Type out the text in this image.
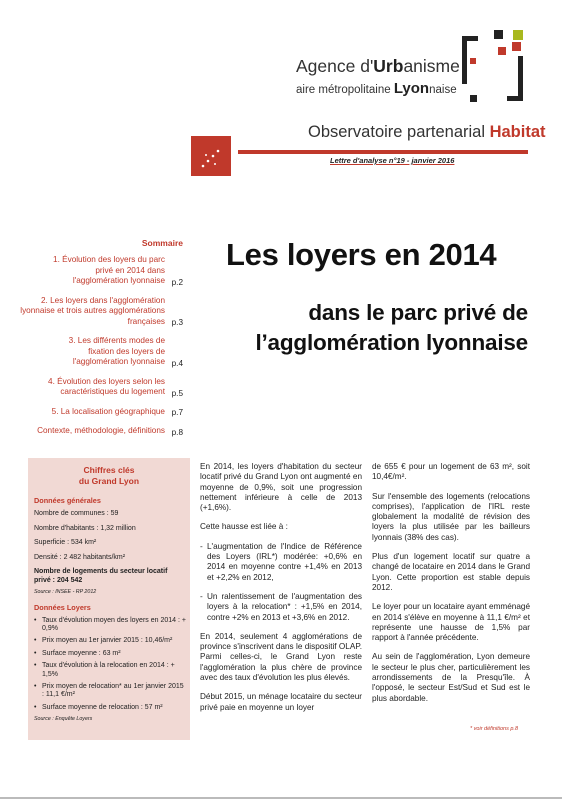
Agence d'Urbanisme
aire métropolitaine Lyonnaise
Observatoire partenarial Habitat
Lettre d'analyse n°19 - janvier 2016
Les loyers en 2014
dans le parc privé de
l’agglomération lyonnaise
Sommaire
1. Évolution des loyers du parc privé en 2014 dans l'agglomération lyonnaise p.2
2. Les loyers dans l'agglomération lyonnaise et trois autres agglomérations françaises p.3
3. Les différents modes de fixation des loyers de l'agglomération lyonnaise p.4
4. Évolution des loyers selon les caractéristiques du logement p.5
5. La localisation géographique p.7
Contexte, méthodologie, définitions p.8
Chiffres clés
du Grand Lyon
Données générales
Nombre de communes : 59
Nombre d'habitants : 1,32 million
Superficie : 534 km²
Densité : 2 482 habitants/km²
Nombre de logements du secteur locatif privé : 204 542
Source : INSEE - RP 2012
Données Loyers
• Taux d'évolution moyen des loyers en 2014 : + 0,9%
• Prix moyen au 1er janvier 2015 : 10,46/m²
• Surface moyenne : 63 m²
• Taux d'évolution à la relocation en 2014 : + 1,5%
• Prix moyen de relocation* au 1er janvier 2015 : 11,1 €/m²
• Surface moyenne de relocation : 57 m²
Source : Enquête Loyers

En 2014, les loyers d'habitation du secteur locatif privé du Grand Lyon ont augmenté en moyenne de 0,9%, soit une progression nettement inférieure à celle de 2013 (+1,6%).

Cette hausse est liée à :

- L'augmentation de l'Indice de Référence des Loyers (IRL*) modérée: +0,6% en 2014 en moyenne contre +1,4% en 2013 et +2,2% en 2012,

- Un ralentissement de l'augmentation des loyers à la relocation* : +1,5% en 2014, contre +2% en 2013 et +3,6% en 2012.

En 2014, seulement 4 agglomérations de province s'inscrivent dans le dispositif OLAP. Parmi celles-ci, le Grand Lyon reste l'agglomération la plus chère de province avec des taux d'évolution les plus élevés.

Début 2015, un ménage locataire du secteur privé paie en moyenne un loyer

de 655 € pour un logement de 63 m², soit 10,4€/m².

Sur l'ensemble des logements (relocations comprises), l'application de l'IRL reste globalement la modalité de révision des loyers la plus utilisée par les bailleurs lyonnais (38% des cas).

Plus d'un logement locatif sur quatre a changé de locataire en 2014 dans le Grand Lyon. Cette proportion est stable depuis 2012.

Le loyer pour un locataire ayant emménagé en 2014 s'élève en moyenne à 11,1 €/m² et représente une hausse de 1,5% par rapport à l'année précédente.

Au sein de l'agglomération, Lyon demeure le secteur le plus cher, particulièrement les arrondissements de la Presqu'île. À l'opposé, le secteur Est/Sud et Sud est le plus abordable.

* voir définitions p.8
